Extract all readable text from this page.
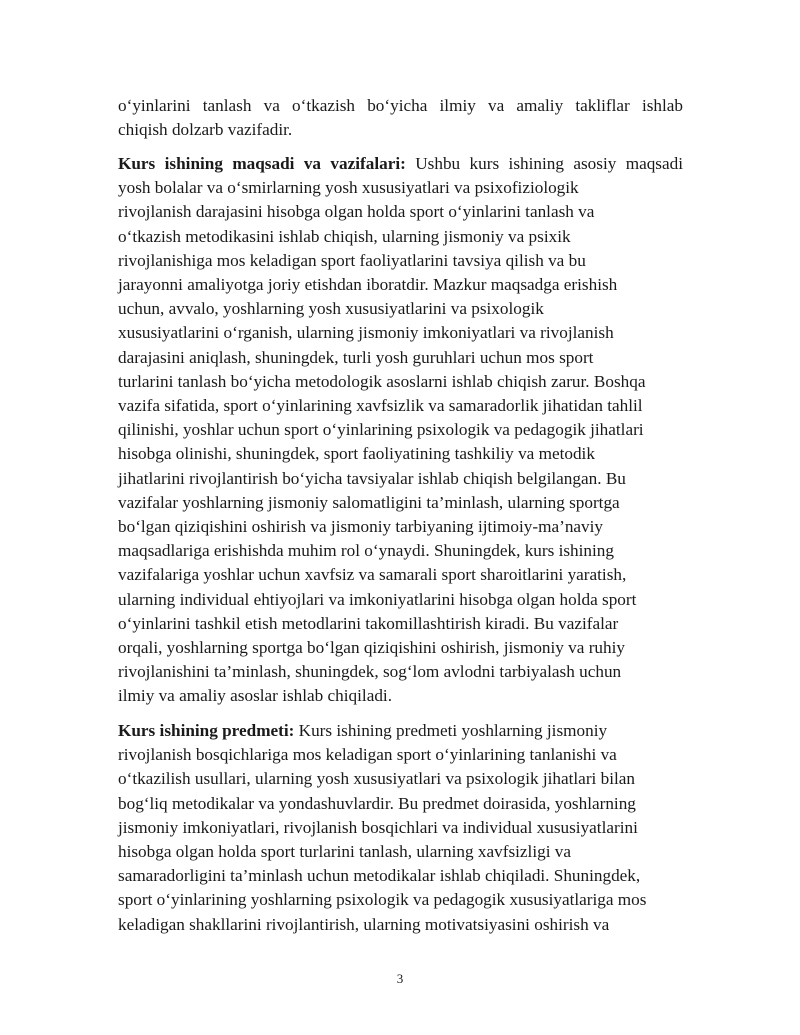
o‘yinlarini tanlash va o‘tkazish bo‘yicha ilmiy va amaliy takliflar ishlab
chiqish dolzarb vazifadir.
Kurs ishining maqsadi va vazifalari: Ushbu kurs ishining asosiy maqsadi
yosh bolalar va o‘smirlarning yosh xususiyatlari va psixofiziologik
rivojlanish darajasini hisobga olgan holda sport o‘yinlarini tanlash va
o‘tkazish metodikasini ishlab chiqish, ularning jismoniy va psixik
rivojlanishiga mos keladigan sport faoliyatlarini tavsiya qilish va bu
jarayonni amaliyotga joriy etishdan iboratdir. Mazkur maqsadga erishish
uchun, avvalo, yoshlarning yosh xususiyatlarini va psixologik
xususiyatlarini o‘rganish, ularning jismoniy imkoniyatlari va rivojlanish
darajasini aniqlash, shuningdek, turli yosh guruhlari uchun mos sport
turlarini tanlash bo‘yicha metodologik asoslarni ishlab chiqish zarur. Boshqa
vazifa sifatida, sport o‘yinlarining xavfsizlik va samaradorlik jihatidan tahlil
qilinishi, yoshlar uchun sport o‘yinlarining psixologik va pedagogik jihatlari
hisobga olinishi, shuningdek, sport faoliyatining tashkiliy va metodik
jihatlarini rivojlantirish bo‘yicha tavsiyalar ishlab chiqish belgilangan. Bu
vazifalar yoshlarning jismoniy salomatligini ta’minlash, ularning sportga
bo‘lgan qiziqishini oshirish va jismoniy tarbiyaning ijtimoiy-ma’naviy
maqsadlariga erishishda muhim rol o‘ynaydi. Shuningdek, kurs ishining
vazifalariga yoshlar uchun xavfsiz va samarali sport sharoitlarini yaratish,
ularning individual ehtiyojlari va imkoniyatlarini hisobga olgan holda sport
o‘yinlarini tashkil etish metodlarini takomillashtirish kiradi. Bu vazifalar
orqali, yoshlarning sportga bo‘lgan qiziqishini oshirish, jismoniy va ruhiy
rivojlanishini ta’minlash, shuningdek, sog‘lom avlodni tarbiyalash uchun
ilmiy va amaliy asoslar ishlab chiqiladi.
Kurs ishining predmeti: Kurs ishining predmeti yoshlarning jismoniy
rivojlanish bosqichlariga mos keladigan sport o‘yinlarining tanlanishi va
o‘tkazilish usullari, ularning yosh xususiyatlari va psixologik jihatlari bilan
bog‘liq metodikalar va yondashuvlardir. Bu predmet doirasida, yoshlarning
jismoniy imkoniyatlari, rivojlanish bosqichlari va individual xususiyatlarini
hisobga olgan holda sport turlarini tanlash, ularning xavfsizligi va
samaradorligini ta’minlash uchun metodikalar ishlab chiqiladi. Shuningdek,
sport o‘yinlarining yoshlarning psixologik va pedagogik xususiyatlariga mos
keladigan shakllarini rivojlantirish, ularning motivatsiyasini oshirish va
3
